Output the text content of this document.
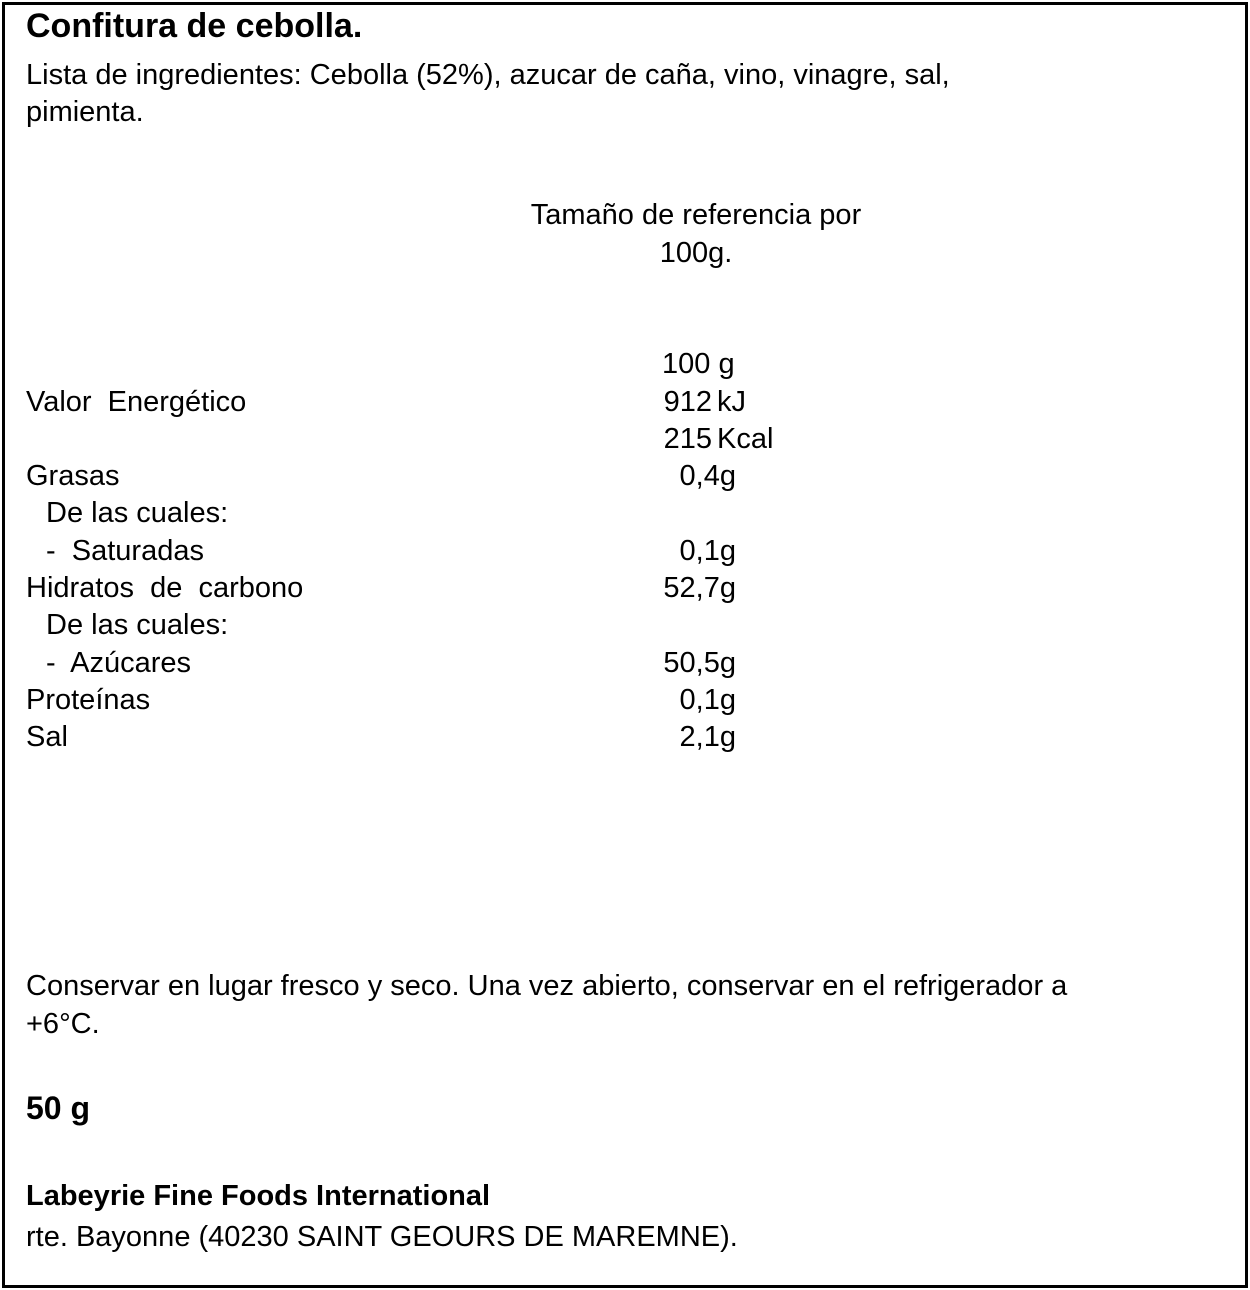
Confitura de cebolla.
Lista de ingredientes: Cebolla (52%), azucar de caña, vino, vinagre, sal,
pimienta.
Tamaño de referencia por
100g.
100 g
Valor  Energético	912 kJ
215 Kcal
Grasas	0,4g
De las cuales:
-  Saturadas	0,1g
Hidratos  de  carbono	52,7g
De las cuales:
-  Azúcares	50,5g
Proteínas	0,1g
Sal	2,1g
Conservar en lugar fresco y seco. Una vez abierto, conservar en el refrigerador a
+6°C.
50 g
Labeyrie Fine Foods International
rte. Bayonne (40230 SAINT GEOURS DE MAREMNE).
